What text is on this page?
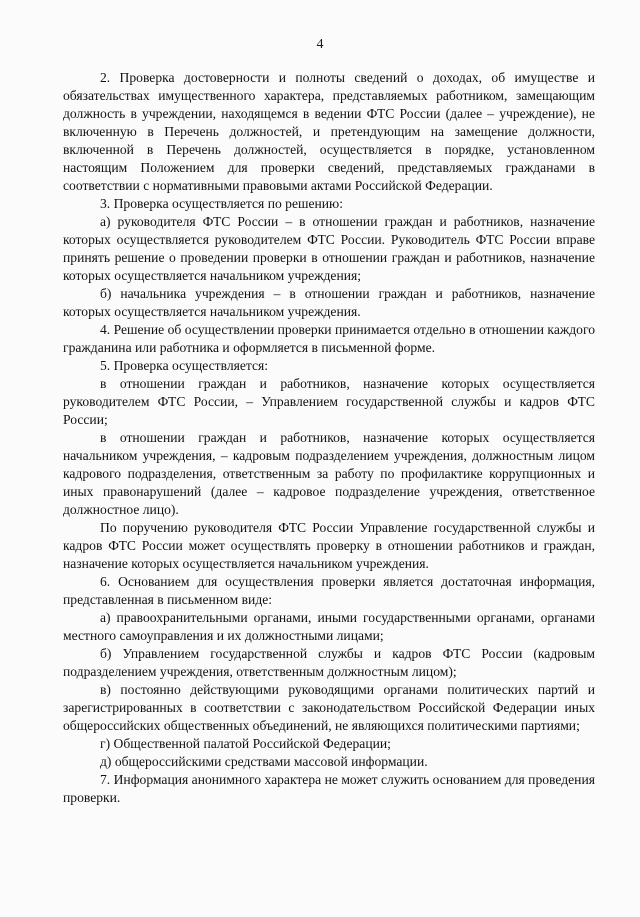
4

2. Проверка достоверности и полноты сведений о доходах, об имуществе и обязательствах имущественного характера, представляемых работником, замещающим должность в учреждении, находящемся в ведении ФТС России (далее – учреждение), не включенную в Перечень должностей, и претендующим на замещение должности, включенной в Перечень должностей, осуществляется в порядке, установленном настоящим Положением для проверки сведений, представляемых гражданами в соответствии с нормативными правовыми актами Российской Федерации.

3. Проверка осуществляется по решению:

а) руководителя ФТС России – в отношении граждан и работников, назначение которых осуществляется руководителем ФТС России. Руководитель ФТС России вправе принять решение о проведении проверки в отношении граждан и работников, назначение которых осуществляется начальником учреждения;

б) начальника учреждения – в отношении граждан и работников, назначение которых осуществляется начальником учреждения.

4. Решение об осуществлении проверки принимается отдельно в отношении каждого гражданина или работника и оформляется в письменной форме.

5. Проверка осуществляется:

в отношении граждан и работников, назначение которых осуществляется руководителем ФТС России, – Управлением государственной службы и кадров ФТС России;

в отношении граждан и работников, назначение которых осуществляется начальником учреждения, – кадровым подразделением учреждения, должностным лицом кадрового подразделения, ответственным за работу по профилактике коррупционных и иных правонарушений (далее – кадровое подразделение учреждения, ответственное должностное лицо).

По поручению руководителя ФТС России Управление государственной службы и кадров ФТС России может осуществлять проверку в отношении работников и граждан, назначение которых осуществляется начальником учреждения.

6. Основанием для осуществления проверки является достаточная информация, представленная в письменном виде:

а) правоохранительными органами, иными государственными органами, органами местного самоуправления и их должностными лицами;

б) Управлением государственной службы и кадров ФТС России (кадровым подразделением учреждения, ответственным должностным лицом);

в) постоянно действующими руководящими органами политических партий и зарегистрированных в соответствии с законодательством Российской Федерации иных общероссийских общественных объединений, не являющихся политическими партиями;

г) Общественной палатой Российской Федерации;

д) общероссийскими средствами массовой информации.

7. Информация анонимного характера не может служить основанием для проведения проверки.
